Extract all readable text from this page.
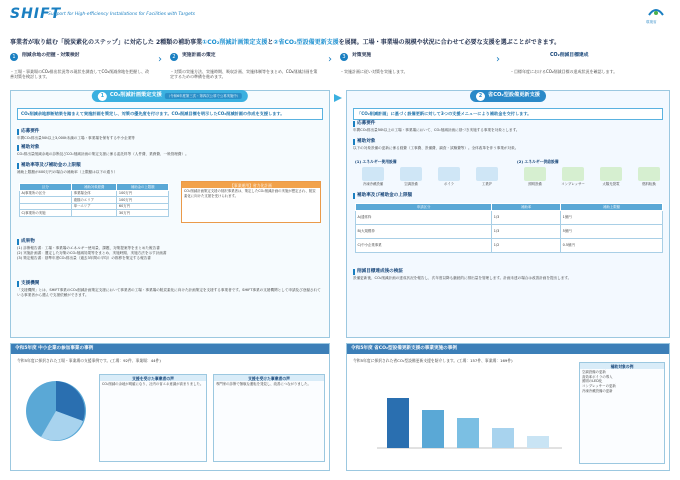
SHIFT
Support for High-efficiency Installations for Facilities with Targets
環境省
事業者が取り組む「脱炭素化のステップ」に対応した 2種類の補助事業①CO₂削減計画策定支援と②省CO₂型設備更新支援を展開。工場・事業場の規模や状況に合わせて必要な支援を選ぶことができます。
1	削減余地の把握・対策検討
・工場・事業場のCO₂排出状況等の現状を調査してCO₂削減余地を把握し、改善対策を検討します。
›	2	実施計画の策定
・対策の実施方法、実施時期、吸収計画、実施体制等をまとめ、CO₂削減計画を策定するための準備を進めます。
›	3	対策実施
・実施計画に従い対策を実施します。
›	CO₂削減目標達成
・目標年度におけるCO₂削減目標の達成状況を確認します。
1	CO₂削減計画策定支援	（令和6年度第三次・第四次公募で公募実施中）
CO₂削減余地診断結果を踏まえて実施計画を策定し、対策の優先度を付けます。CO₂削減目標を明示したCO₂削減計画の作成を支援します。
応募要件

年間CO₂排出量50t以上3,000t未満の工場・事業場を保有する中小企業等

補助対象

CO₂排出量削減余地の診断及びCO₂削減計画の策定支援に係る委託料等（人件費、業務費、一般管理費）。

補助率等及び補助金の上限額

補助上限額が400万円の場合の補助率（上限額は以下の通り）

区分	補助対象経費	補助金の上限額
A)事業所の区分	事業場全体	100万円
	複数のエリア	100万円
	単一エリア	60万円
C)事業所の実施		30万円
【事業運用】省力化計画
CO₂削減計画策定支援の採択事業者は、策定したCO₂削減計画の実施が想定され、脱炭素化に向けた支援を受けられます。
成果物

(1) 診断報告書：工場・事業場のエネルギー使用量、課題、対策提案等をまとめた報告書

(2) 実施計画書：選定した対策のCO₂削減効果等をまとめ、実施時期、実施方法を示す計画書

(3) 策定報告書：基準年度CO₂排出量（過去3年間の平均）の推移を策定する報告書

支援機関

「支援機関」とは、SHIFT事業のCO₂削減計画策定支援において事業者の工場・事業場の脱炭素化に向けた計画策定を支援する事業者です。SHIFT事業の支援機関として申請及び登録されている事業者から選んで支援依頼ができます。

2	省CO₂型設備更新支援
「CO₂削減計画」に基づく設備更新に対して3つの支援メニューにより補助金を交付します。
応募要件

年間CO₂排出量50t以上の工場・事業場において、CO₂削減計画に基づき実施する事業を対象とします。

補助対象

以下の対象設備の更新に係る経費（工事費、設備費、調査・試験費等）。全体改革を伴う事業が対象。

(1) エネルギー使用設備	(2) エネルギー供給設備
冷凍冷蔵設備	空調設備	ボイラ	工業炉	照明設備	コンプレッサー	太陽光発電	燃料転換
補助率及び補助金の上限額
申請区分	補助率	補助上限額
A)通常枠	1/3	1億円
B)大規模枠	1/3	5億円
C)中小企業事業	1/2	0.5億円
削減目標達成後の検証

設備更新後、CO₂削減計画の達成状況を報告し、次年度以降も継続的に排出量を管理します。計画未達の場合は改善計画を提出します。

令和5年度 中小企業の参加事業の事例
令和5年度に採択された工場・事業場の支援事例です。(工場：92件、事業場：44件)
支援を受けた事業者の声
CO₂削減の余地が明確になり、社内の省エネ意識が高まりました。
支援を受けた事業者の声
専門家の診断で無駄な運転を発見し、改善につながりました。
令和5年度 省CO₂型設備更新支援の事業実施の事例
令和5年度に採択された省CO₂型設備更新支援を紹介します。(工場：157件、事業場：169件)
補助対象の例
空調設備の更新
高効率ボイラの導入
照明のLED化
コンプレッサーの更新
冷凍冷蔵設備の更新
